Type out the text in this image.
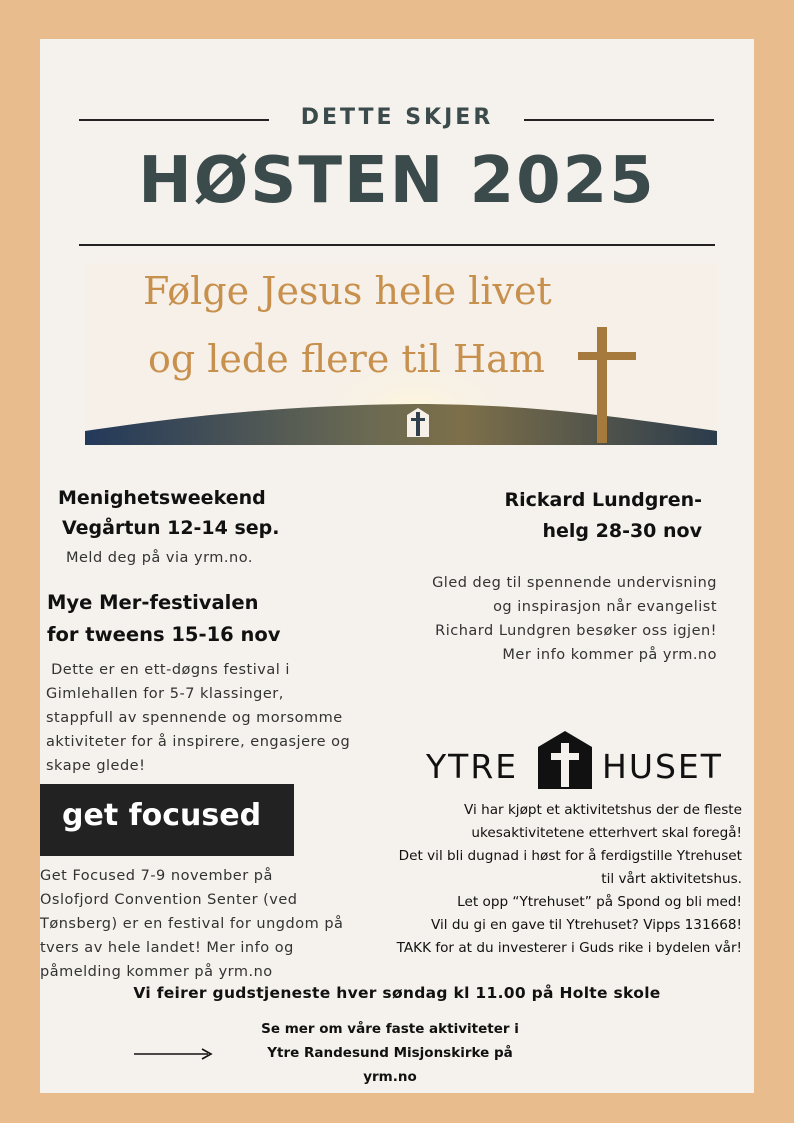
DETTE SKJER
HØSTEN 2025
Følge Jesus hele livet
og lede flere til Ham
Menighetsweekend
Vegårtun 12-14 sep.
Meld deg på via yrm.no.
Rickard Lundgren-
helg 28-30 nov
Gled deg til spennende undervisning
og inspirasjon når evangelist
Richard Lundgren besøker oss igjen!
Mer info kommer på yrm.no
Mye Mer-festivalen
for tweens 15-16 nov
Dette er en ett-døgns festival i
Gimlehallen for 5-7 klassinger,
stappfull av spennende og morsomme
aktiviteter for å inspirere, engasjere og
skape glede!	YTRE	HUSET
Vi har kjøpt et aktivitetshus der de fleste
ukesaktivitetene etterhvert skal foregå!
Det vil bli dugnad i høst for å ferdigstille Ytrehuset
til vårt aktivitetshus.
Let opp “Ytrehuset” på Spond og bli med!
Vil du gi en gave til Ytrehuset? Vipps 131668!
TAKK for at du investerer i Guds rike i bydelen vår!
get focused
Get Focused 7-9 november på
Oslofjord Convention Senter (ved
Tønsberg) er en festival for ungdom på
tvers av hele landet! Mer info og
påmelding kommer på yrm.no
Vi feirer gudstjeneste hver søndag kl 11.00 på Holte skole
Se mer om våre faste aktiviteter i
Ytre Randesund Misjonskirke på
yrm.no
